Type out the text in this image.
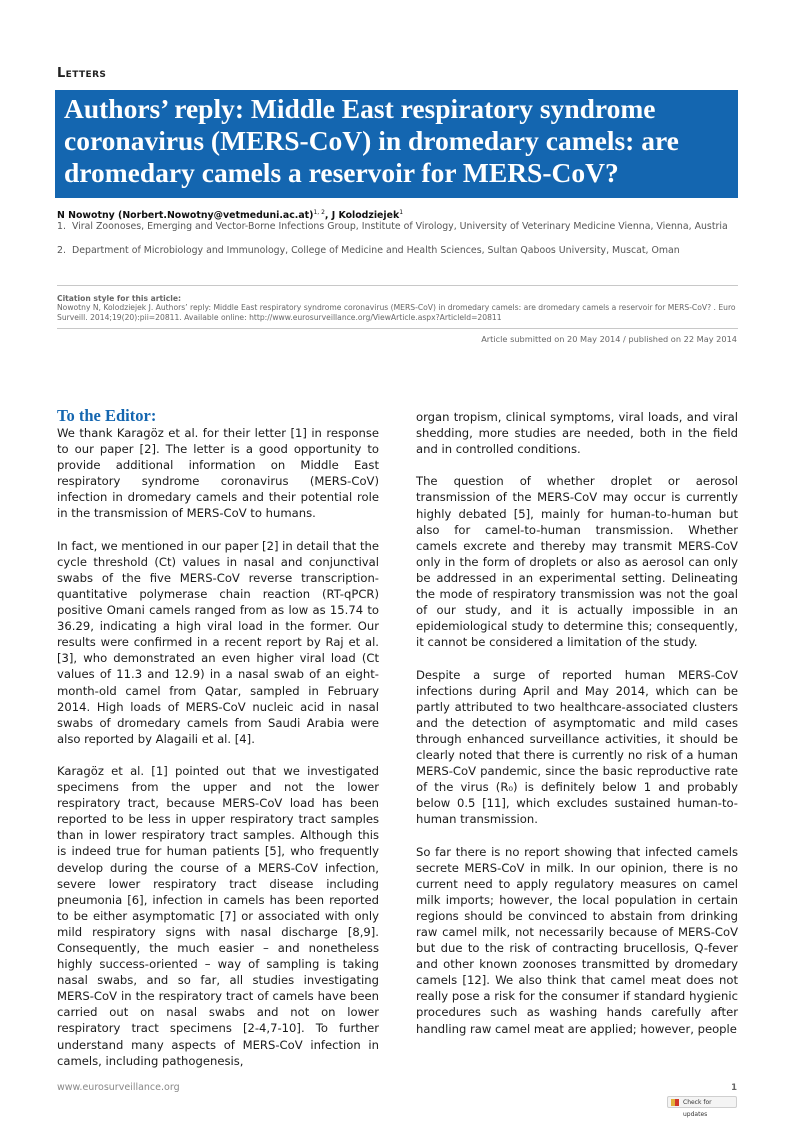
Letters
Authors’ reply: Middle East respiratory syndrome coronavirus (MERS-CoV) in dromedary camels: are dromedary camels a reservoir for MERS-CoV?
N Nowotny (Norbert.Nowotny@vetmeduni.ac.at)$^{1, 2}$, J Kolodziejek$^1$
1. Viral Zoonoses, Emerging and Vector-Borne Infections Group, Institute of Virology, University of Veterinary Medicine Vienna, Vienna, Austria
2. Department of Microbiology and Immunology, College of Medicine and Health Sciences, Sultan Qaboos University, Muscat, Oman
Citation style for this article:
Nowotny N, Kolodziejek J. Authors’ reply: Middle East respiratory syndrome coronavirus (MERS-CoV) in dromedary camels: are dromedary camels a reservoir for MERS-CoV? . Euro Surveill. 2014;19(20):pii=20811. Available online: http://www.eurosurveillance.org/ViewArticle.aspx?ArticleId=20811
Article submitted on 20 May 2014 / published on 22 May 2014
To the Editor:

We thank Karagöz et al. for their letter [1] in response to our paper [2]. The letter is a good opportunity to provide additional information on Middle East respiratory syndrome coronavirus (MERS-CoV) infection in dromedary camels and their potential role in the transmission of MERS-CoV to humans.

In fact, we mentioned in our paper [2] in detail that the cycle threshold (Ct) values in nasal and conjunctival swabs of the five MERS-CoV reverse transcription-quantitative polymerase chain reaction (RT-qPCR) positive Omani camels ranged from as low as 15.74 to 36.29, indicating a high viral load in the former. Our results were confirmed in a recent report by Raj et al. [3], who demonstrated an even higher viral load (Ct values of 11.3 and 12.9) in a nasal swab of an eight-month-old camel from Qatar, sampled in February 2014. High loads of MERS-CoV nucleic acid in nasal swabs of dromedary camels from Saudi Arabia were also reported by Alagaili et al. [4].

Karagöz et al. [1] pointed out that we investigated specimens from the upper and not the lower respiratory tract, because MERS-CoV load has been reported to be less in upper respiratory tract samples than in lower respiratory tract samples. Although this is indeed true for human patients [5], who frequently develop during the course of a MERS-CoV infection, severe lower respiratory tract disease including pneumonia [6], infection in camels has been reported to be either asymptomatic [7] or associated with only mild respiratory signs with nasal discharge [8,9]. Consequently, the much easier – and nonetheless highly success-oriented – way of sampling is taking nasal swabs, and so far, all studies investigating MERS-CoV in the respiratory tract of camels have been carried out on nasal swabs and not on lower respiratory tract specimens [2-4,7-10]. To further understand many aspects of MERS-CoV infection in camels, including pathogenesis,

organ tropism, clinical symptoms, viral loads, and viral shedding, more studies are needed, both in the field and in controlled conditions.

The question of whether droplet or aerosol transmission of the MERS-CoV may occur is currently highly debated [5], mainly for human-to-human but also for camel-to-human transmission. Whether camels excrete and thereby may transmit MERS-CoV only in the form of droplets or also as aerosol can only be addressed in an experimental setting. Delineating the mode of respiratory transmission was not the goal of our study, and it is actually impossible in an epidemiological study to determine this; consequently, it cannot be considered a limitation of the study.

Despite a surge of reported human MERS-CoV infections during April and May 2014, which can be partly attributed to two healthcare-associated clusters and the detection of asymptomatic and mild cases through enhanced surveillance activities, it should be clearly noted that there is currently no risk of a human MERS-CoV pandemic, since the basic reproductive rate of the virus (R₀) is definitely below 1 and probably below 0.5 [11], which excludes sustained human-to-human transmission.

So far there is no report showing that infected camels secrete MERS-CoV in milk. In our opinion, there is no current need to apply regulatory measures on camel milk imports; however, the local population in certain regions should be convinced to abstain from drinking raw camel milk, not necessarily because of MERS-CoV but due to the risk of contracting brucellosis, Q-fever and other known zoonoses transmitted by dromedary camels [12]. We also think that camel meat does not really pose a risk for the consumer if standard hygienic procedures such as washing hands carefully after handling raw camel meat are applied; however, people

www.eurosurveillance.org	1
Check for updates
